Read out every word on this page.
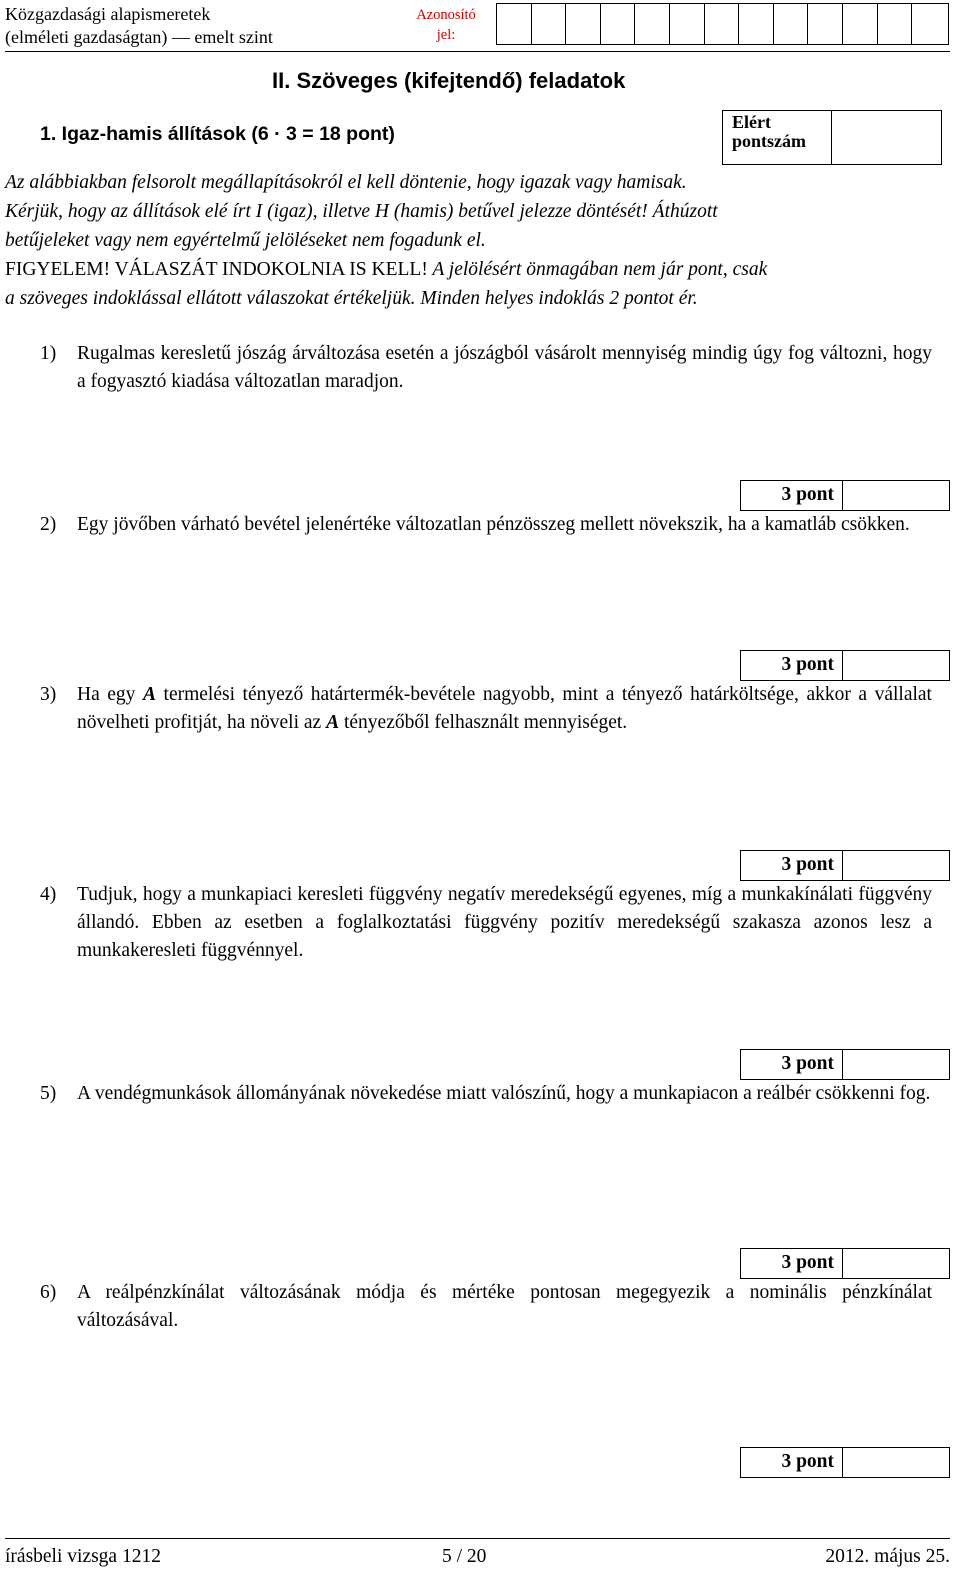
Közgazdasági alapismeretek
(elméleti gazdaságtan) — emelt szint
Azonosító
jel:
II. Szöveges (kifejtendő) feladatok
1. Igaz-hamis állítások (6 · 3 = 18 pont)
Elért
pontszám
Az alábbiakban felsorolt megállapításokról el kell döntenie, hogy igazak vagy hamisak.
Kérjük, hogy az állítások elé írt I (igaz), illetve H (hamis) betűvel jelezze döntését! Áthúzott
betűjeleket vagy nem egyértelmű jelöléseket nem fogadunk el.
FIGYELEM! VÁLASZÁT INDOKOLNIA IS KELL! A jelölésért önmagában nem jár pont, csak
a szöveges indoklással ellátott válaszokat értékeljük. Minden helyes indoklás 2 pontot ér.
1) Rugalmas keresletű jószág árváltozása esetén a jószágból vásárolt mennyiség mindig úgy fog változni, hogy a fogyasztó kiadása változatlan maradjon.
3 pont
2) Egy jövőben várható bevétel jelenértéke változatlan pénzösszeg mellett növekszik, ha a kamatláb csökken.
3 pont
3) Ha egy A termelési tényező határtermék-bevétele nagyobb, mint a tényező határköltsége, akkor a vállalat növelheti profitját, ha növeli az A tényezőből felhasznált mennyiséget.
3 pont
4) Tudjuk, hogy a munkapiaci keresleti függvény negatív meredekségű egyenes, míg a munkakínálati függvény állandó. Ebben az esetben a foglalkoztatási függvény pozitív meredekségű szakasza azonos lesz a munkakeresleti függvénnyel.
3 pont
5) A vendégmunkások állományának növekedése miatt valószínű, hogy a munkapiacon a reálbér csökkenni fog.
3 pont
6) A reálpénzkínálat változásának módja és mértéke pontosan megegyezik a nominális pénzkínálat változásával.
3 pont
írásbeli vizsga 1212	5 / 20	2012. május 25.
